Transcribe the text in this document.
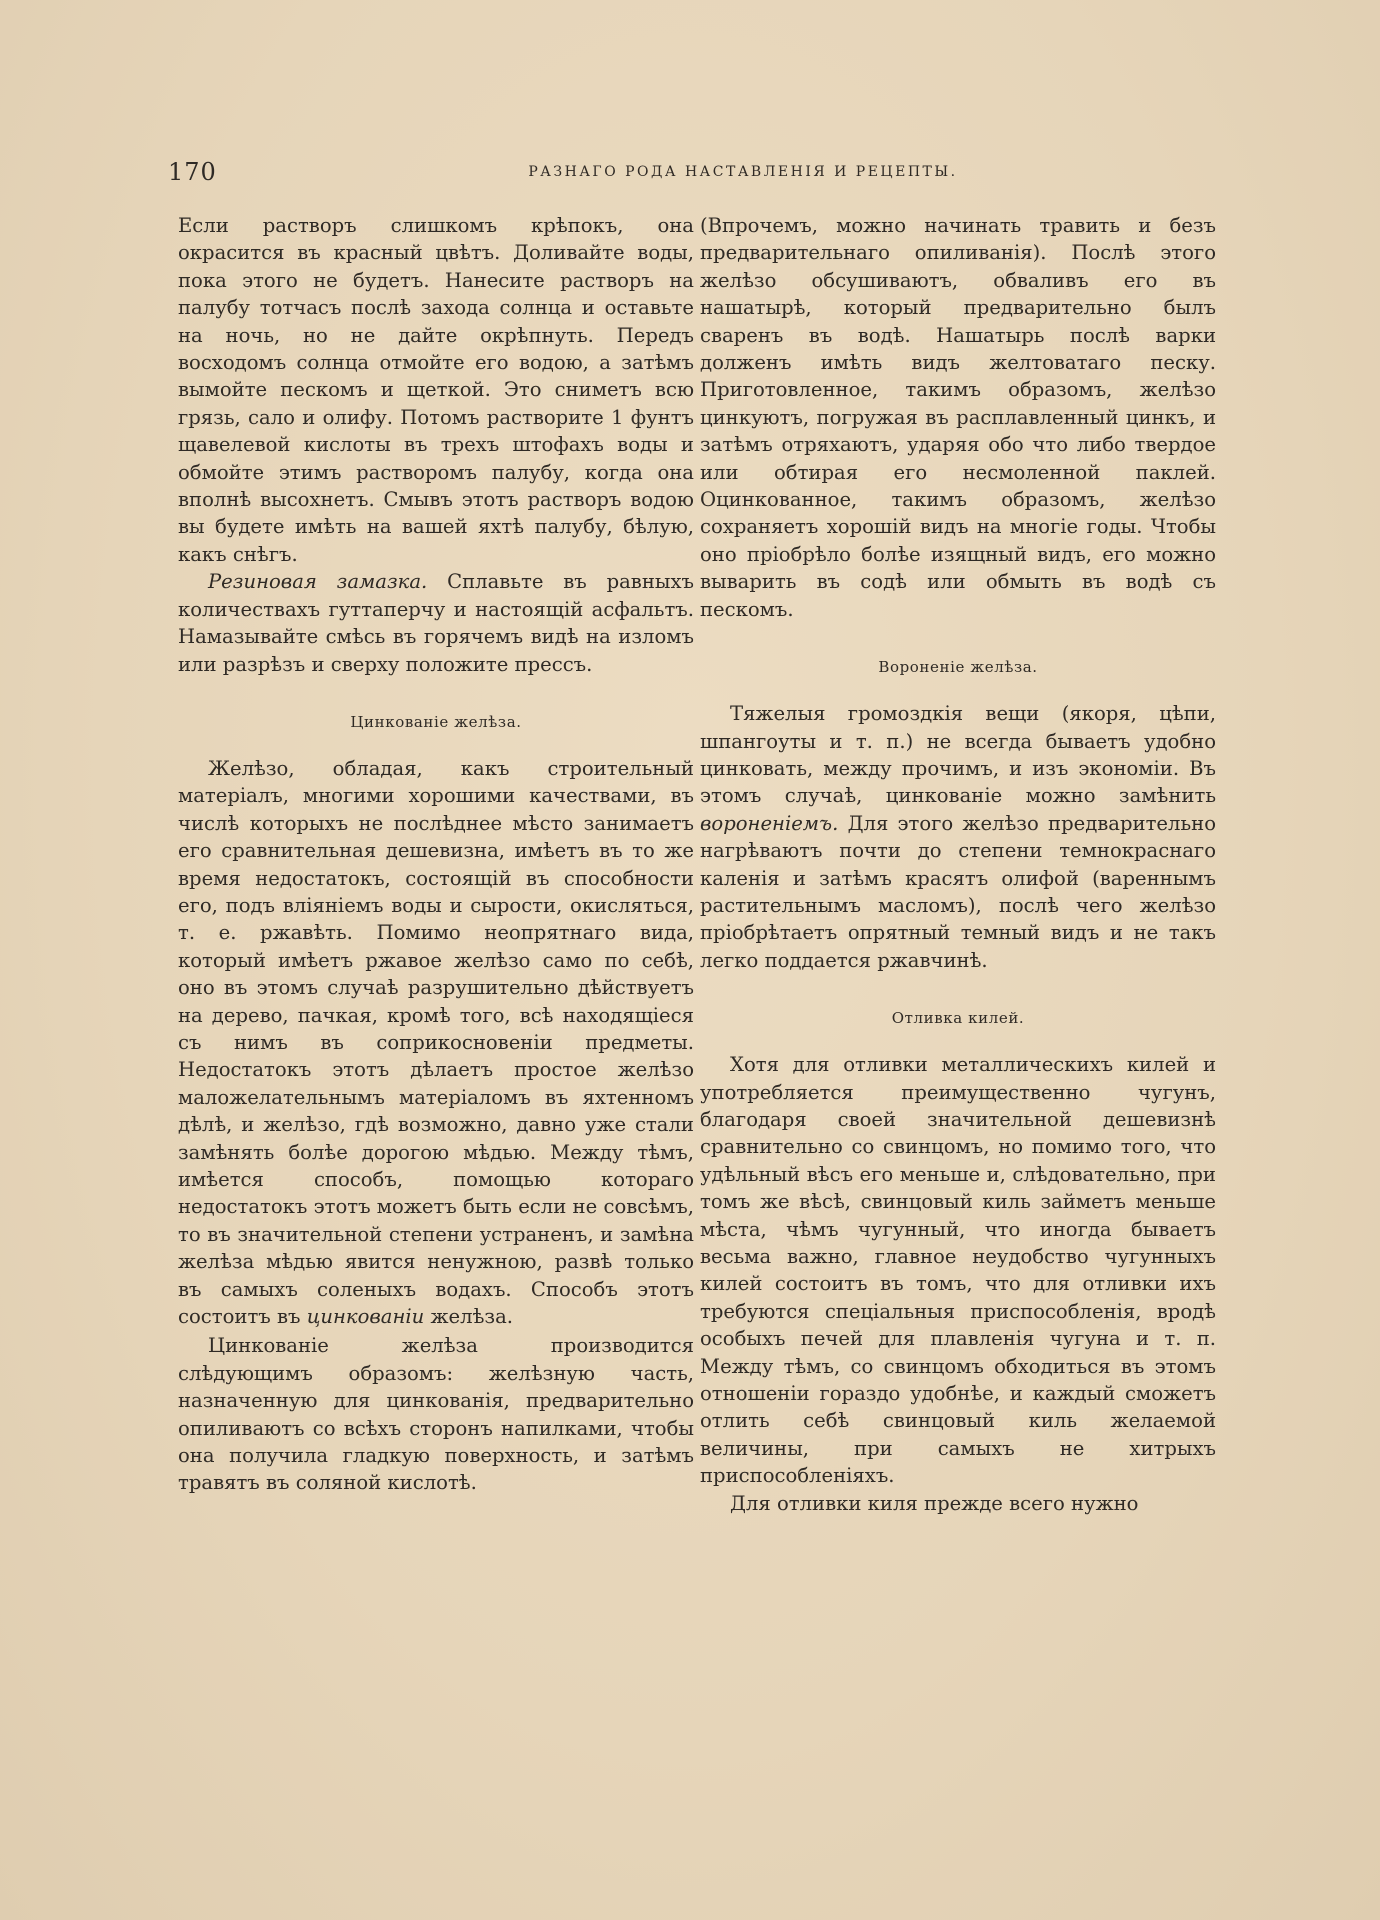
170	РАЗНАГО РОДА НАСТАВЛЕНIЯ И РЕЦЕПТЫ.

Если растворъ слишкомъ крѣпокъ, она окрасится въ красный цвѣтъ. Доливайте воды, пока этого не будетъ. Нанесите растворъ на палубу тотчасъ послѣ захода солнца и оставьте на ночь, но не дайте окрѣпнуть. Передъ восходомъ солнца отмойте его водою, а затѣмъ вымойте пескомъ и щеткой. Это сниметъ всю грязь, сало и олифу. Потомъ растворите 1 фунтъ щавелевой кислоты въ трехъ штофахъ воды и обмойте этимъ растворомъ палубу, когда она вполнѣ высохнетъ. Смывъ этотъ растворъ водою вы будете имѣть на вашей яхтѣ палубу, бѣлую, какъ снѣгъ.

Резиновая замазка. Сплавьте въ равныхъ количествахъ гуттаперчу и настоящiй асфальтъ. Намазывайте смѣсь въ горячемъ видѣ на изломъ или разрѣзъ и сверху положите прессъ.

Цинкованiе желѣза.

Желѣзо, обладая, какъ строительный матерiалъ, многими хорошими качествами, въ числѣ которыхъ не послѣднее мѣсто занимаетъ его сравнительная дешевизна, имѣетъ въ то же время недостатокъ, состоящiй въ способности его, подъ влiянiемъ воды и сырости, окисляться, т. е. ржавѣть. Помимо неопрятнаго вида, который имѣетъ ржавое желѣзо само по себѣ, оно въ этомъ случаѣ разрушительно дѣйствуетъ на дерево, пачкая, кромѣ того, всѣ находящiеся съ нимъ въ соприкосновенiи предметы. Недостатокъ этотъ дѣлаетъ простое желѣзо маложелательнымъ матерiаломъ въ яхтенномъ дѣлѣ, и желѣзо, гдѣ возможно, давно уже стали замѣнять болѣе дорогою мѣдью. Между тѣмъ, имѣется способъ, помощью котораго недостатокъ этотъ можетъ быть если не совсѣмъ, то въ значительной степени устраненъ, и замѣна желѣза мѣдью явится ненужною, развѣ только въ самыхъ соленыхъ водахъ. Способъ этотъ состоитъ въ цинкованiи желѣза.

Цинкованiе желѣза производится слѣдующимъ образомъ: желѣзную часть, назначенную для цинкованiя, предварительно опиливаютъ со всѣхъ сторонъ напилками, чтобы она получила гладкую поверхность, и затѣмъ травятъ въ соляной кислотѣ.

(Впрочемъ, можно начинать травить и безъ предварительнаго опиливанiя). Послѣ этого желѣзо обсушиваютъ, обваливъ его въ нашатырѣ, который предварительно былъ сваренъ въ водѣ. Нашатырь послѣ варки долженъ имѣть видъ желтоватаго песку. Приготовленное, такимъ образомъ, желѣзо цинкуютъ, погружая въ расплавленный цинкъ, и затѣмъ отряхаютъ, ударяя обо что либо твердое или обтирая его несмоленной паклей. Оцинкованное, такимъ образомъ, желѣзо сохраняетъ хорошiй видъ на многiе годы. Чтобы оно прiобрѣло болѣе изящный видъ, его можно выварить въ содѣ или обмыть въ водѣ съ пескомъ.

Вороненiе желѣза.

Тяжелыя громоздкiя вещи (якоря, цѣпи, шпангоуты и т. п.) не всегда бываетъ удобно цинковать, между прочимъ, и изъ экономiи. Въ этомъ случаѣ, цинкованiе можно замѣнить вороненiемъ. Для этого желѣзо предварительно нагрѣваютъ почти до степени темнокраснаго каленiя и затѣмъ красятъ олифой (вареннымъ растительнымъ масломъ), послѣ чего желѣзо прiобрѣтаетъ опрятный темный видъ и не такъ легко поддается ржавчинѣ.

Отливка килей.

Хотя для отливки металлическихъ килей и употребляется преимущественно чугунъ, благодаря своей значительной дешевизнѣ сравнительно со свинцомъ, но помимо того, что удѣльный вѣсъ его меньше и, слѣдовательно, при томъ же вѣсѣ, свинцовый киль займетъ меньше мѣста, чѣмъ чугунный, что иногда бываетъ весьма важно, главное неудобство чугунныхъ килей состоитъ въ томъ, что для отливки ихъ требуются спецiальныя приспособленiя, вродѣ особыхъ печей для плавленiя чугуна и т. п. Между тѣмъ, со свинцомъ обходиться въ этомъ отношенiи гораздо удобнѣе, и каждый сможетъ отлить себѣ свинцовый киль желаемой величины, при самыхъ не хитрыхъ приспособленiяхъ.

Для отливки киля прежде всего нужно
